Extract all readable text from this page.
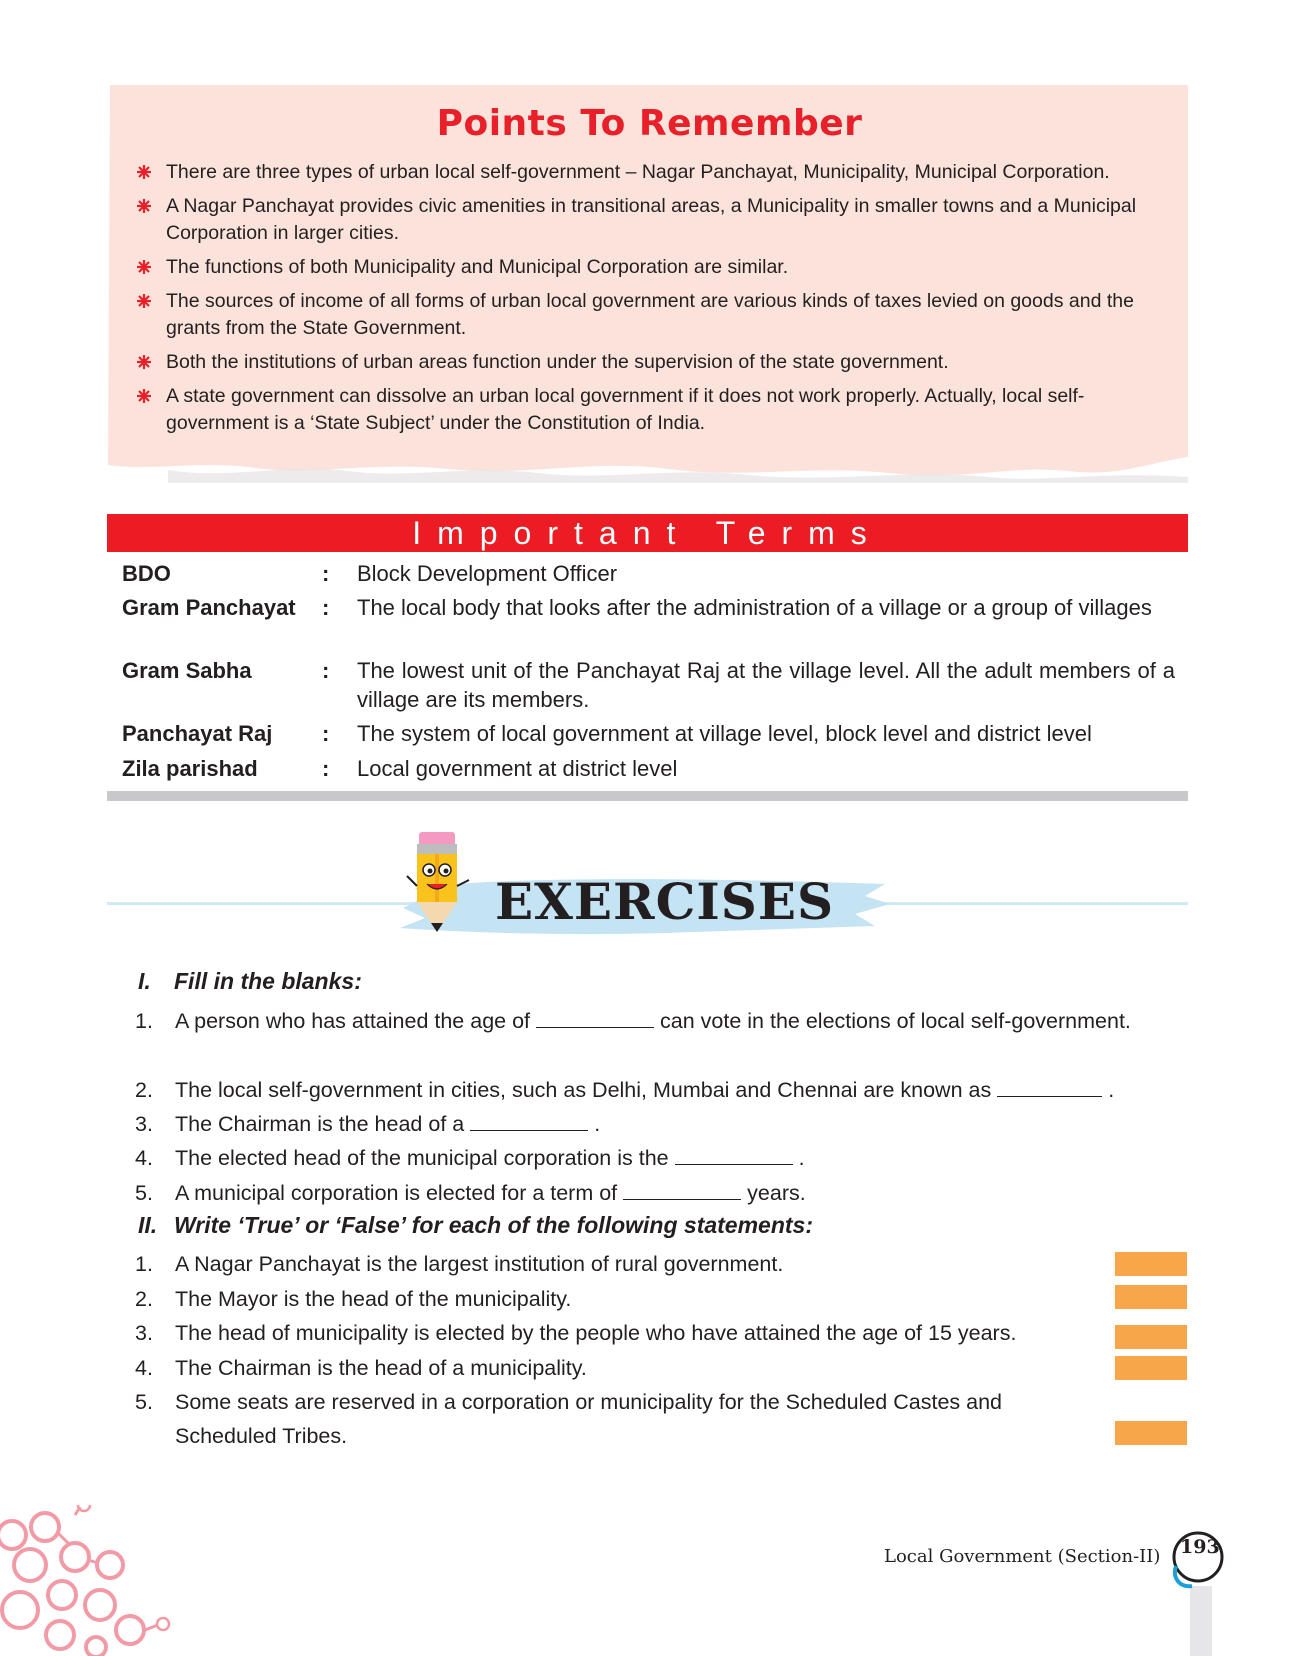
Points To Remember
There are three types of urban local self-government – Nagar Panchayat, Municipality, Municipal Corporation.
A Nagar Panchayat provides civic amenities in transitional areas, a Municipality in smaller towns and a Municipal Corporation in larger cities.
The functions of both Municipality and Municipal Corporation are similar.
The sources of income of all forms of urban local government are various kinds of taxes levied on goods and the grants from the State Government.
Both the institutions of urban areas function under the supervision of the state government.
A state government can dissolve an urban local government if it does not work properly. Actually, local self-government is a ‘State Subject’ under the Constitution of India.
Important Terms
BDO	: Block Development Officer
Gram Panchayat : The local body that looks after the administration of a village or a group of villages
Gram Sabha	: The lowest unit of the Panchayat Raj at the village level. All the adult members of a village are its members.
Panchayat Raj : The system of local government at village level, block level and district level
Zila parishad	: Local government at district level
EXERCISES
I. Fill in the blanks:
1. A person who has attained the age of	can vote in the elections of local self-government.
2. The local self-government in cities, such as Delhi, Mumbai and Chennai are known as	.
3. The Chairman is the head of a	.
4. The elected head of the municipal corporation is the	.
5. A municipal corporation is elected for a term of	years.
II. Write ‘True’ or ‘False’ for each of the following statements:
1. A Nagar Panchayat is the largest institution of rural government.
2. The Mayor is the head of the municipality.
3. The head of municipality is elected by the people who have attained the age of 15 years.
4. The Chairman is the head of a municipality.
5. Some seats are reserved in a corporation or municipality for the Scheduled Castes and Scheduled Tribes.
Local Government (Section-II) 193
